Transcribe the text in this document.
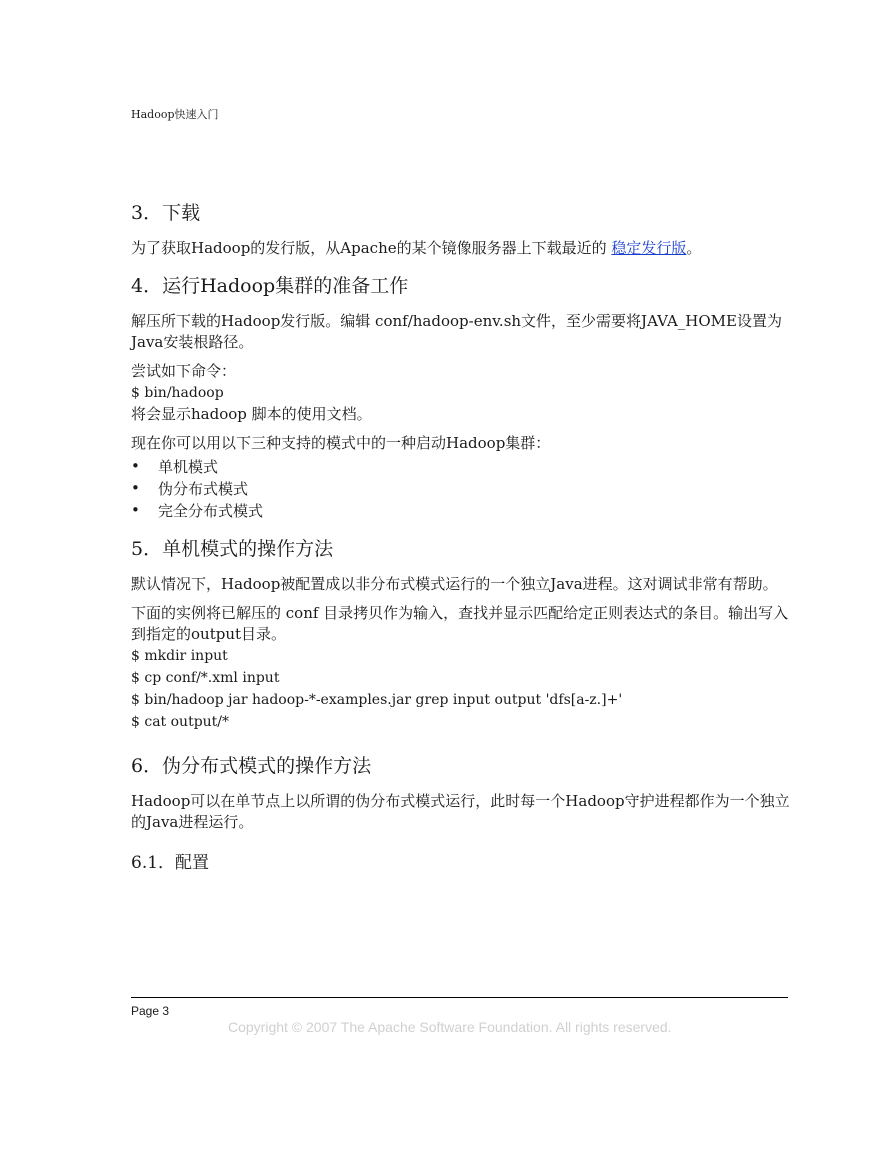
Hadoop快速入门
3．下载

为了获取Hadoop的发行版，从Apache的某个镜像服务器上下载最近的 稳定发行版。

4．运行Hadoop集群的准备工作

解压所下载的Hadoop发行版。编辑 conf/hadoop-env.sh文件，至少需要将JAVA_HOME设置为Java安装根路径。

尝试如下命令：

$ bin/hadoop

将会显示hadoop 脚本的使用文档。

现在你可以用以下三种支持的模式中的一种启动Hadoop集群：

• 单机模式
• 伪分布式模式
• 完全分布式模式
5．单机模式的操作方法

默认情况下，Hadoop被配置成以非分布式模式运行的一个独立Java进程。这对调试非常有帮助。

下面的实例将已解压的 conf 目录拷贝作为输入，查找并显示匹配给定正则表达式的条目。输出写入到指定的output目录。

$ mkdir input

$ cp conf/*.xml input

$ bin/hadoop jar hadoop-*-examples.jar grep input output 'dfs[a-z.]+'

$ cat output/*

6．伪分布式模式的操作方法

Hadoop可以在单节点上以所谓的伪分布式模式运行，此时每一个Hadoop守护进程都作为一个独立的Java进程运行。

6.1．配置
Page 3
Copyright © 2007 The Apache Software Foundation. All rights reserved.
